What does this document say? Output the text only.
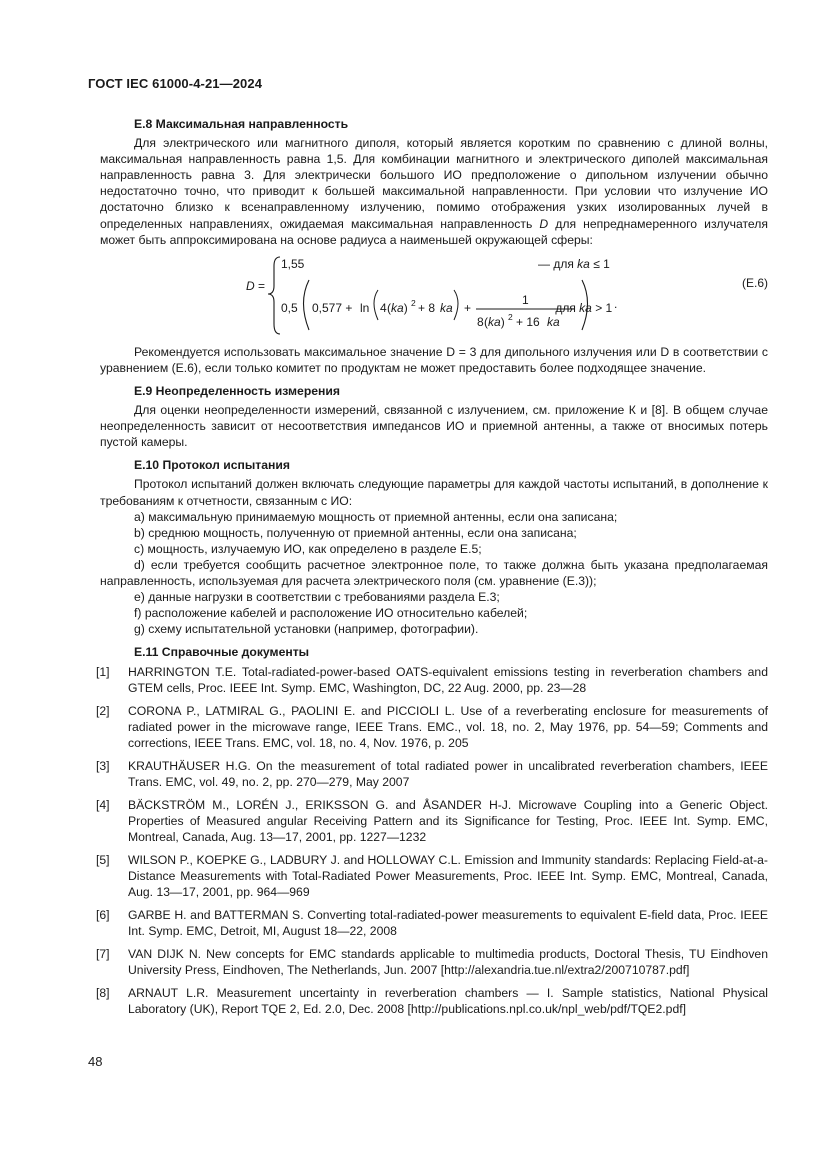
ГОСТ IEC 61000-4-21—2024
Е.8 Максимальная направленность

Для электрического или магнитного диполя, который является коротким по сравнению с длиной волны, максимальная направленность равна 1,5. Для комбинации магнитного и электрического диполей максимальная направленность равна 3. Для электрически большого ИО предположение о дипольном излучении обычно недостаточно точно, что приводит к большей максимальной направленности. При условии что излучение ИО достаточно близко к всенаправленному излучению, помимо отображения узких изолированных лучей в определенных направлениях, ожидаемая максимальная направленность D для непреднамеренного излучателя может быть аппроксимирована на основе радиуса а наименьшей окружающей сферы:

D =
1,55	— для ka ≤ 1
0,5 0,577 + ln 4 (ka) 2 + 8 ka +
1
8 (ka) 2 + 16 ka
— для ka > 1 .
(Е.6)

Рекомендуется использовать максимальное значение D = 3 для дипольного излучения или D в соответствии с уравнением (Е.6), если только комитет по продуктам не может предоставить более подходящее значение.

Е.9 Неопределенность измерения

Для оценки неопределенности измерений, связанной с излучением, см. приложение К и [8]. В общем случае неопределенность зависит от несоответствия импедансов ИО и приемной антенны, а также от вносимых потерь пустой камеры.

Е.10 Протокол испытания

Протокол испытаний должен включать следующие параметры для каждой частоты испытаний, в дополнение к требованиям к отчетности, связанным с ИО:

а) максимальную принимаемую мощность от приемной антенны, если она записана;
b) среднюю мощность, полученную от приемной антенны, если она записана;
с) мощность, излучаемую ИО, как определено в разделе Е.5;
d) если требуется сообщить расчетное электронное поле, то также должна быть указана предполагаемая направленность, используемая для расчета электрического поля (см. уравнение (Е.3));
е) данные нагрузки в соответствии с требованиями раздела Е.3;
f) расположение кабелей и расположение ИО относительно кабелей;
g) схему испытательной установки (например, фотографии).
Е.11 Справочные документы
[1]	HARRINGTON T.E. Total-radiated-power-based OATS-equivalent emissions testing in reverberation chambers and GTEM cells, Proc. IEEE Int. Symp. EMC, Washington, DC, 22 Aug. 2000, pp. 23—28
[2]	CORONA P., LATMIRAL G., PAOLINI E. and PICCIOLI L. Use of a reverberating enclosure for measurements of radiated power in the microwave range, IEEE Trans. EMC., vol. 18, no. 2, May 1976, pp. 54—59; Comments and corrections, IEEE Trans. EMC, vol. 18, no. 4, Nov. 1976, p. 205
[3]	KRAUTHÄUSER H.G. On the measurement of total radiated power in uncalibrated reverberation chambers, IEEE Trans. EMC, vol. 49, no. 2, pp. 270—279, May 2007
[4]	BÄCKSTRÖM M., LORÉN J., ERIKSSON G. and ÅSANDER H-J. Microwave Coupling into a Generic Object. Properties of Measured angular Receiving Pattern and its Significance for Testing, Proc. IEEE Int. Symp. EMC, Montreal, Canada, Aug. 13—17, 2001, pp. 1227—1232
[5]	WILSON P., KOEPKE G., LADBURY J. and HOLLOWAY C.L. Emission and Immunity standards: Replacing Field-at-a-Distance Measurements with Total-Radiated Power Measurements, Proc. IEEE Int. Symp. EMC, Montreal, Canada, Aug. 13—17, 2001, pp. 964—969
[6]	GARBE H. and BATTERMAN S. Converting total-radiated-power measurements to equivalent E-field data, Proc. IEEE Int. Symp. EMC, Detroit, MI, August 18—22, 2008
[7]	VAN DIJK N. New concepts for EMC standards applicable to multimedia products, Doctoral Thesis, TU Eindhoven University Press, Eindhoven, The Netherlands, Jun. 2007 [http://alexandria.tue.nl/extra2/200710787.pdf]
[8]	ARNAUT L.R. Measurement uncertainty in reverberation chambers — I. Sample statistics, National Physical Laboratory (UK), Report TQE 2, Ed. 2.0, Dec. 2008 [http://publications.npl.co.uk/npl_web/pdf/TQE2.pdf]
48
